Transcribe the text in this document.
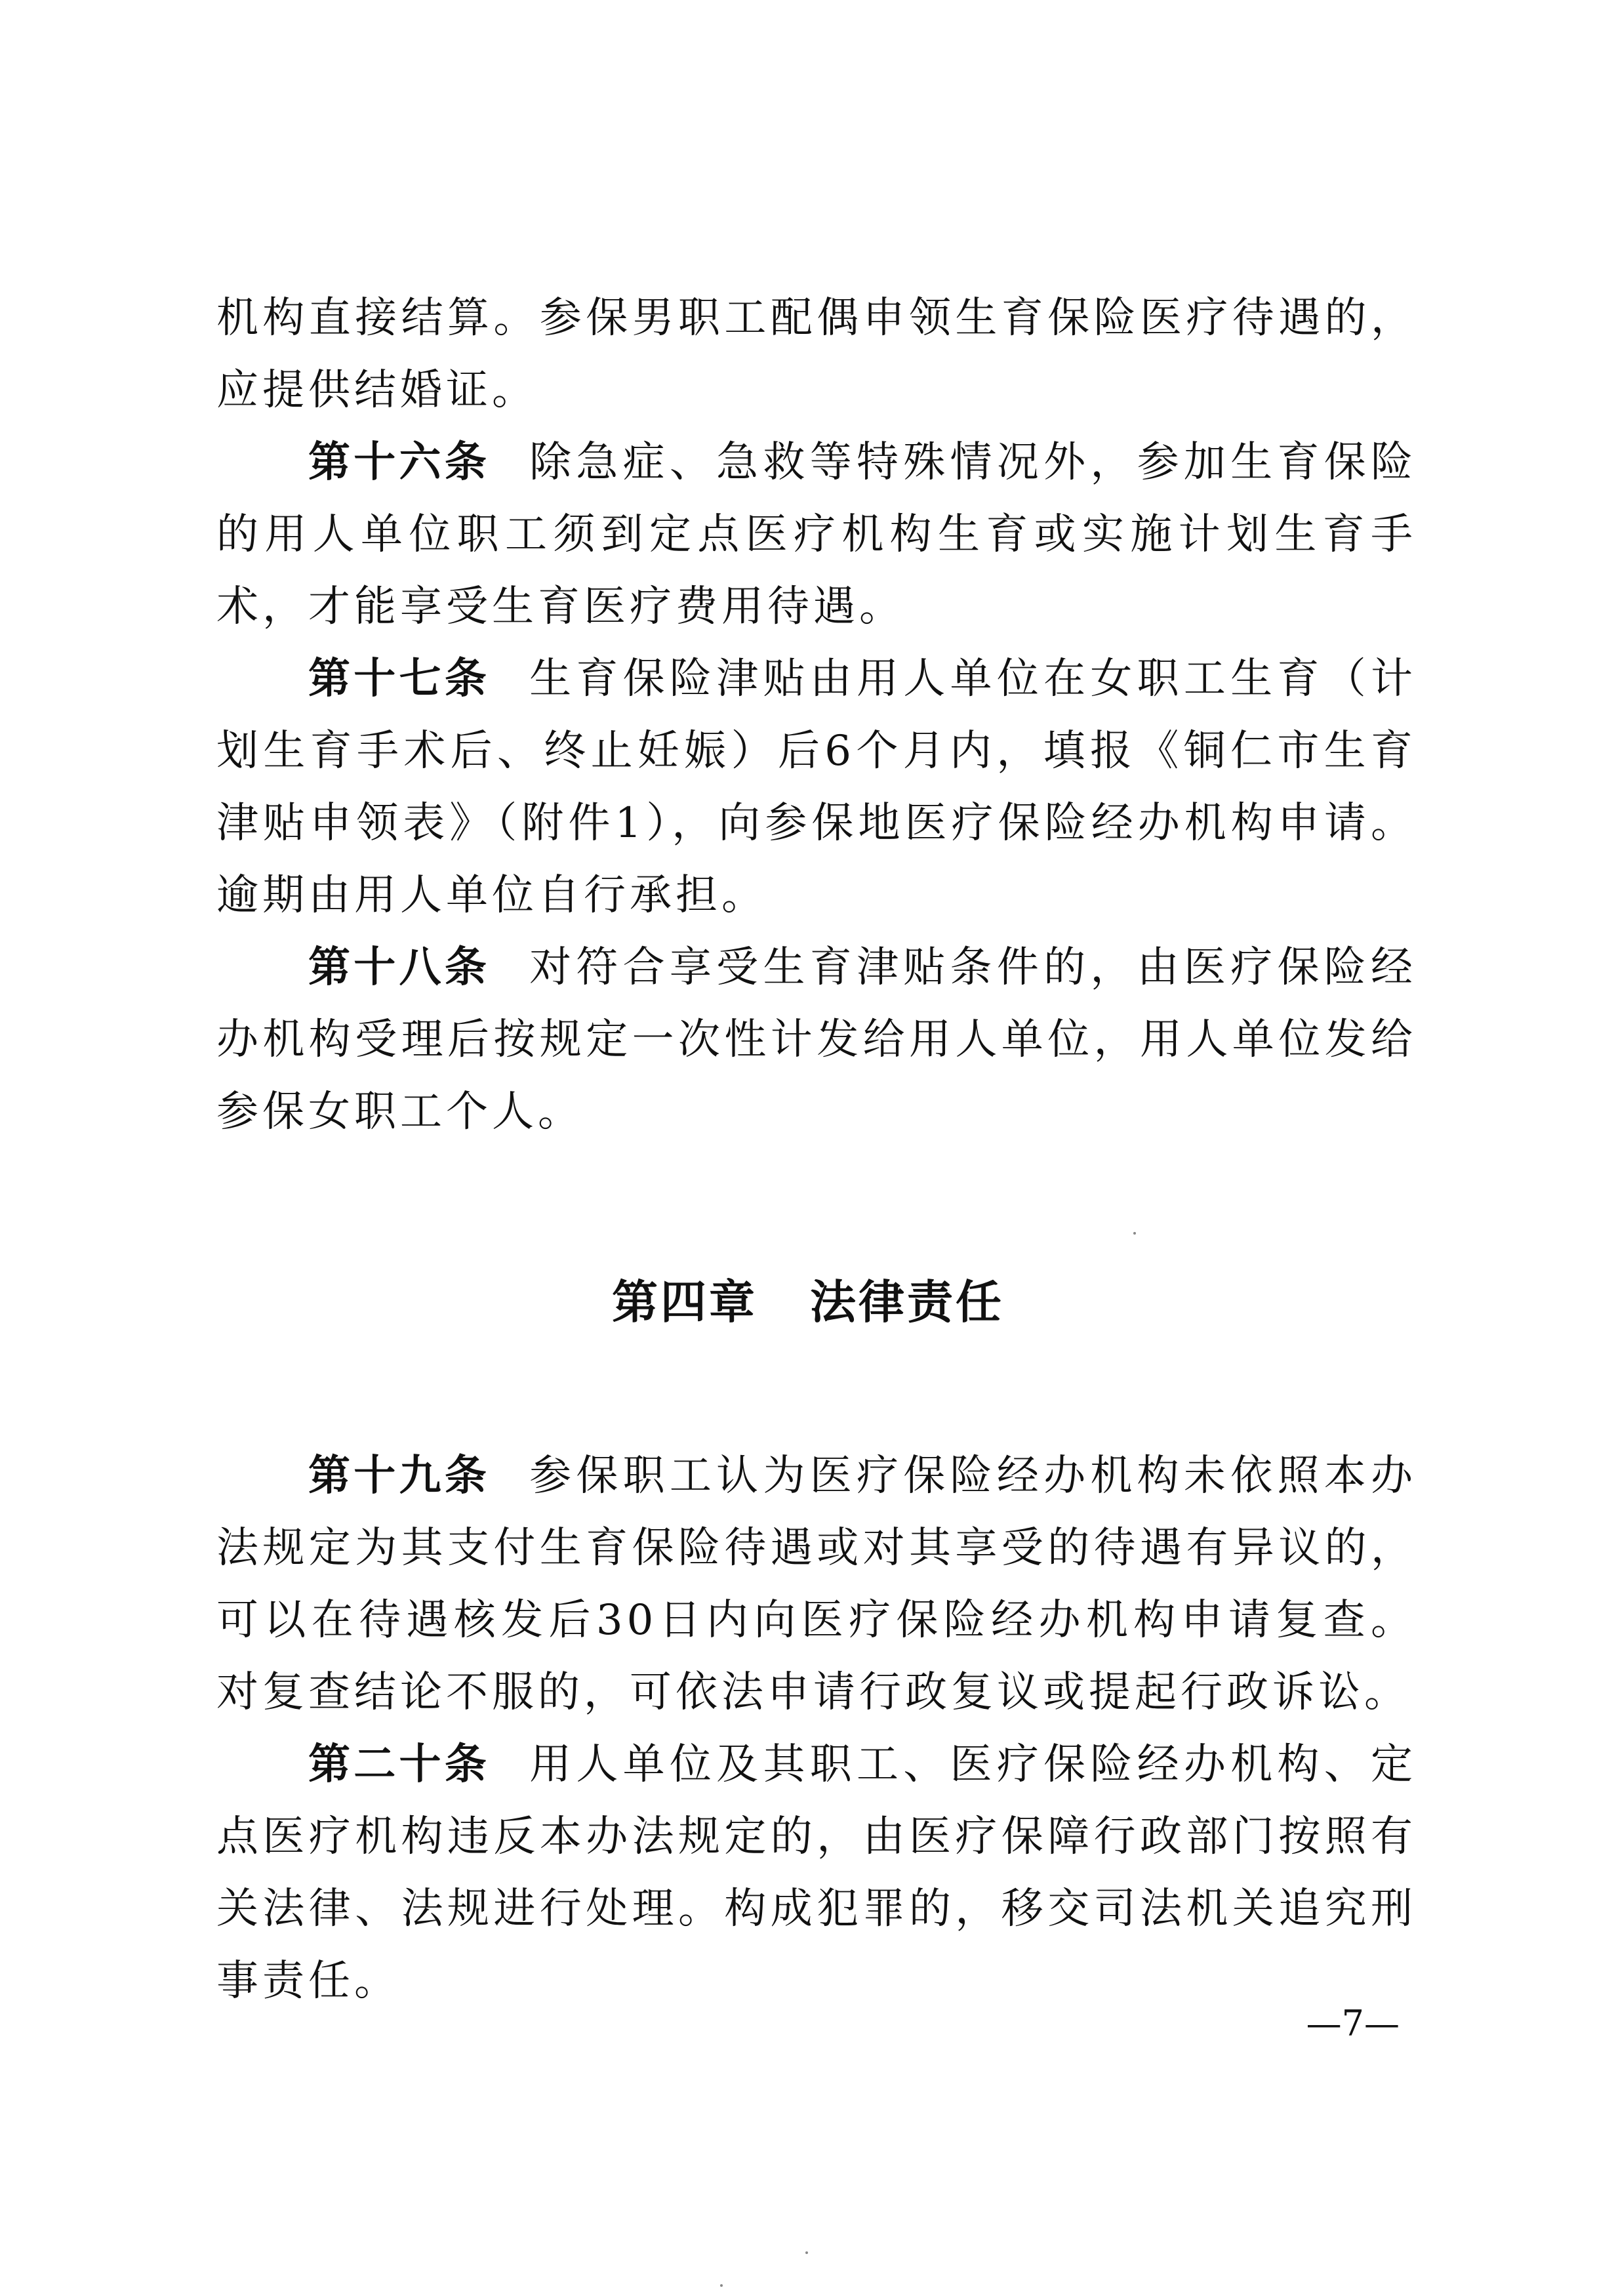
机构直接结算。参保男职工配偶申领生育保险医疗待遇的，应提供结婚证。

第十六条 除急症、急救等特殊情况外，参加生育保险的用人单位职工须到定点医疗机构生育或实施计划生育手术，才能享受生育医疗费用待遇。

第十七条 生育保险津贴由用人单位在女职工生育（计划生育手术后、终止妊娠）后6个月内，填报《铜仁市生育津贴申领表》（附件1），向参保地医疗保险经办机构申请。逾期由用人单位自行承担。

第十八条 对符合享受生育津贴条件的，由医疗保险经办机构受理后按规定一次性计发给用人单位，用人单位发给参保女职工个人。

第四章 法律责任

第十九条 参保职工认为医疗保险经办机构未依照本办法规定为其支付生育保险待遇或对其享受的待遇有异议的，可以在待遇核发后30日内向医疗保险经办机构申请复查。对复查结论不服的，可依法申请行政复议或提起行政诉讼。

第二十条 用人单位及其职工、医疗保险经办机构、定点医疗机构违反本办法规定的，由医疗保障行政部门按照有关法律、法规进行处理。构成犯罪的，移交司法机关追究刑事责任。

—7—
